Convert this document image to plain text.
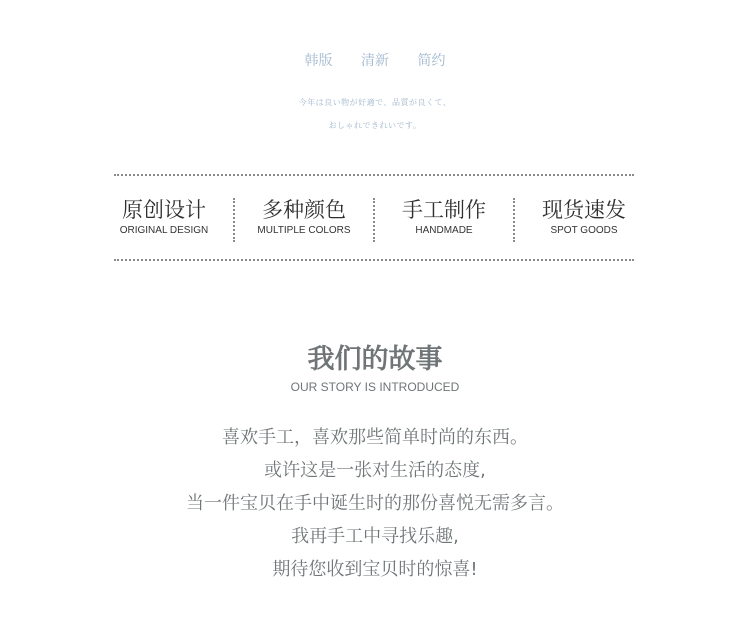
韩版 清新 简约
今年は良い物が好適で、品質が良くて、
おしゃれできれいです。
原创设计
ORIGINAL DESIGN
多种颜色
MULTIPLE COLORS
手工制作
HANDMADE
现货速发
SPOT GOODS
我们的故事
OUR STORY IS INTRODUCED
喜欢手工，喜欢那些简单时尚的东西。
或许这是一张对生活的态度,
当一件宝贝在手中诞生时的那份喜悦无需多言。
我再手工中寻找乐趣,
期待您收到宝贝时的惊喜!
